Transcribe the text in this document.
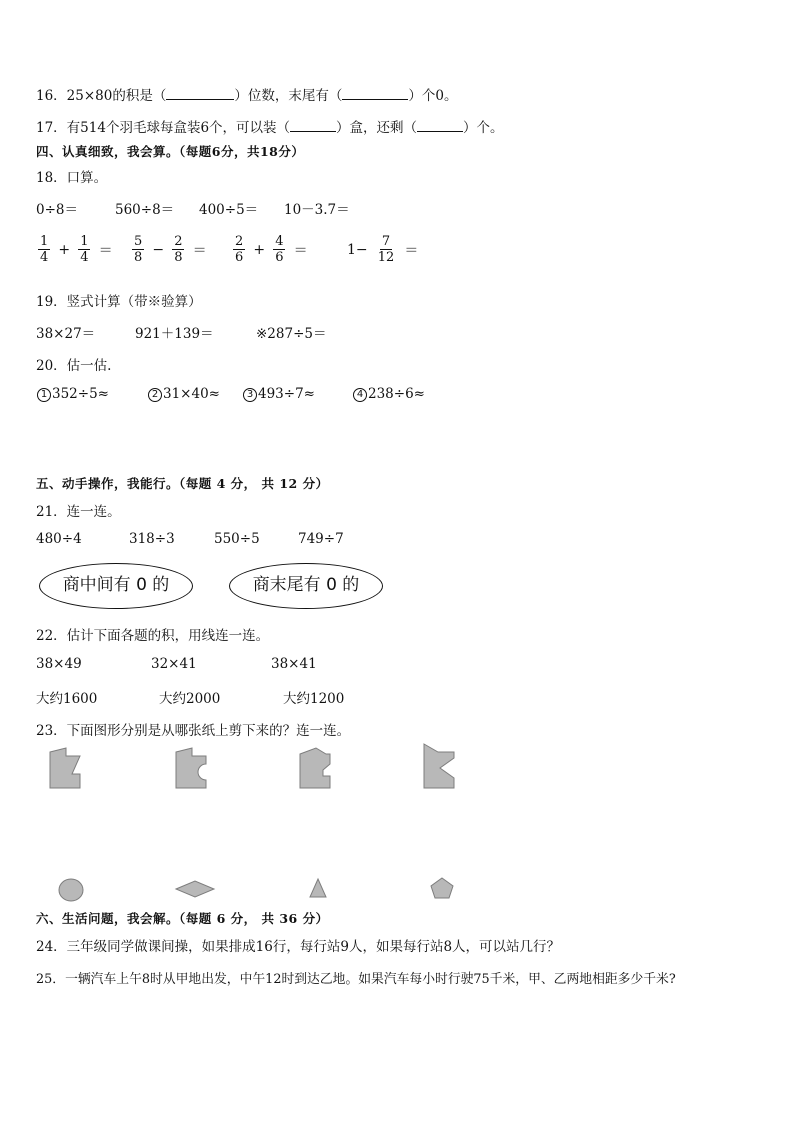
16．25×80的积是（	）位数，末尾有（	）个0。
17．有514个羽毛球每盒装6个，可以装（	）盒，还剩（	）个。
四、认真细致，我会算。（每题6分，共18分）
18．口算。
0÷8＝	560÷8＝ 400÷5＝ 10－3.7＝
$\frac{1}{4} + \frac{1}{4} = \frac{5}{8} - \frac{2}{8} = \frac{2}{6} + \frac{4}{6}$ ＝	$1- \frac{7}{12}$ ＝
19．竖式计算（带※验算）
38×27＝	921＋139＝	※287÷5＝
20．估一估.
1 352÷5≈	2 31×40≈	3 493÷7≈	4 238÷6≈
五、动手操作，我能行。（每题 4 分， 共 12 分）
21．连一连。
480÷4	318÷3	550÷5	749÷7
商中间有 0 的	商末尾有 0 的
22．估计下面各题的积，用线连一连。
38×49	32×41	38×41
大约1600	大约2000	大约1200
23．下面图形分别是从哪张纸上剪下来的？连一连。
六、生活问题，我会解。（每题 6 分， 共 36 分）
24．三年级同学做课间操，如果排成16行，每行站9人，如果每行站8人，可以站几行？
25．一辆汽车上午8时从甲地出发，中午12时到达乙地。如果汽车每小时行驶75千米，甲、乙两地相距多少千米?
